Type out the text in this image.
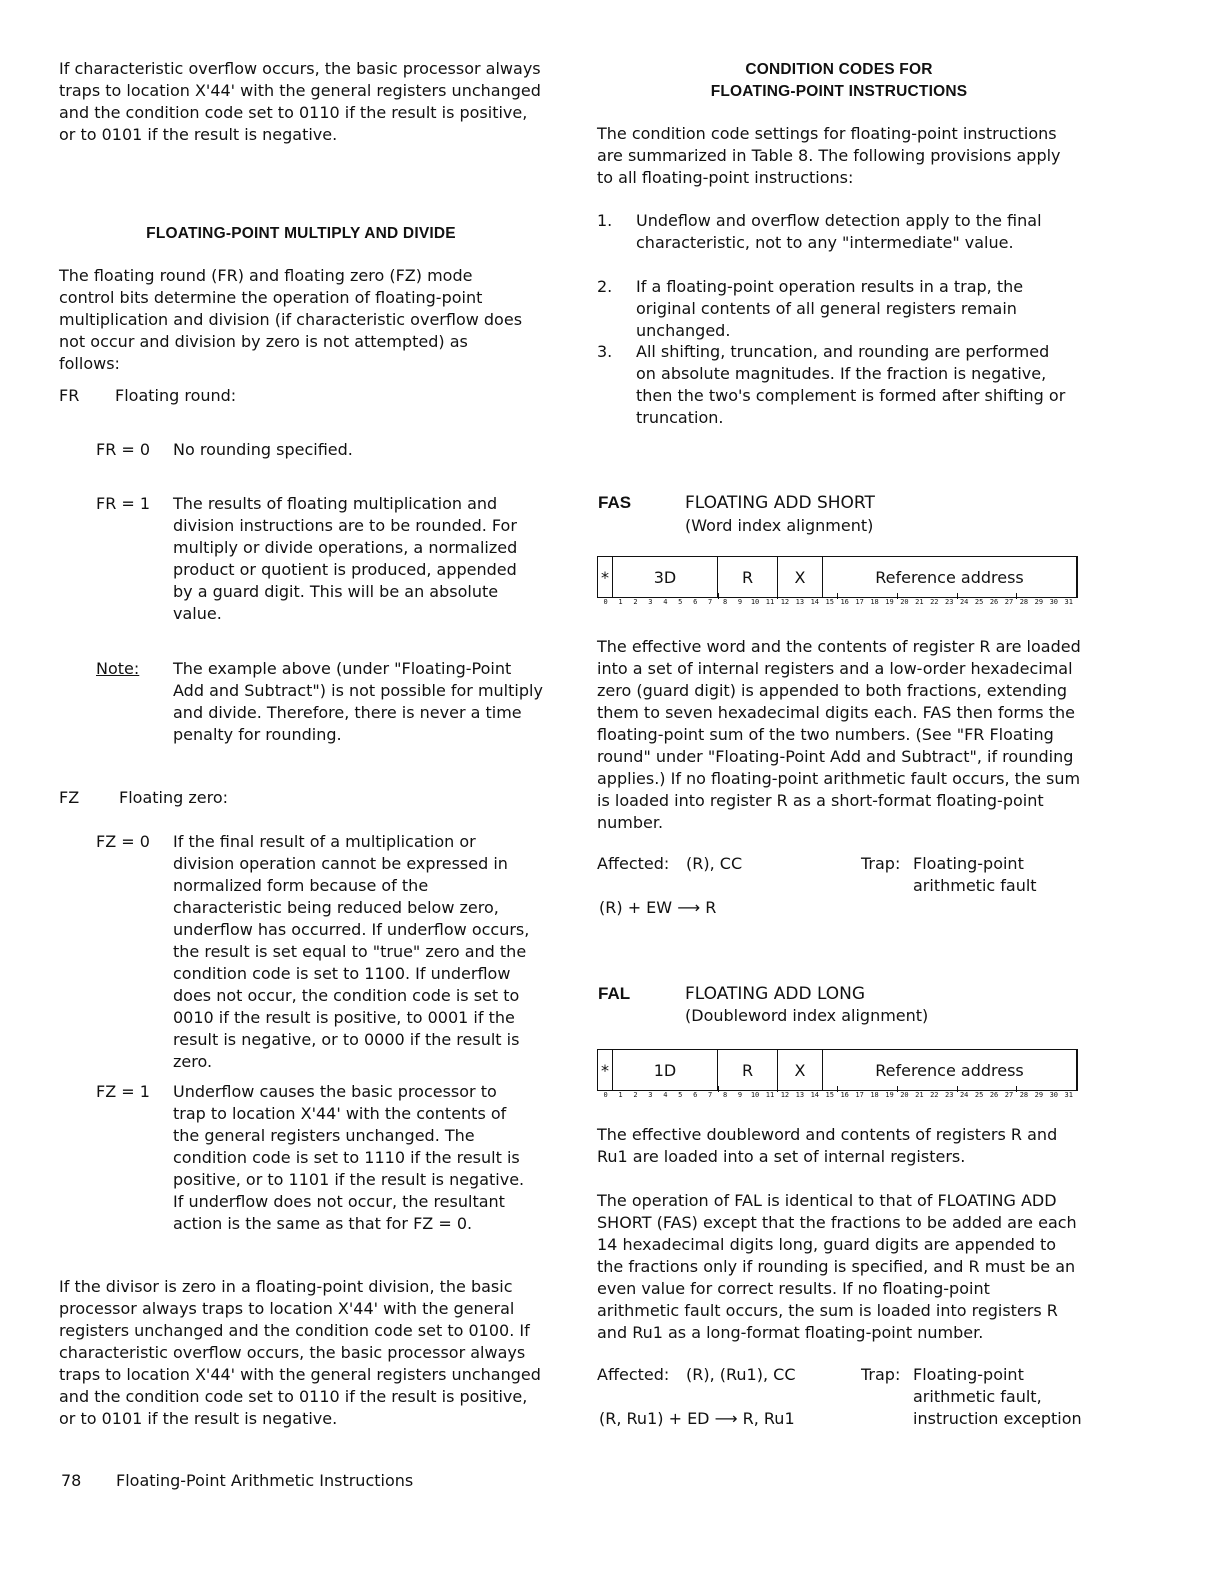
If characteristic overflow occurs, the basic processor always traps to location X'44' with the general registers unchanged and the condition code set to 0110 if the result is positive, or to 0101 if the result is negative.
FLOATING-POINT MULTIPLY AND DIVIDE
The floating round (FR) and floating zero (FZ) mode control bits determine the operation of floating-point multiplication and division (if characteristic overflow does not occur and division by zero is not attempted) as follows:
FR Floating round:
FR = 0 No rounding specified.
FR = 1 The results of floating multiplication and division instructions are to be rounded. For multiply or divide operations, a normalized product or quotient is produced, appended by a guard digit. This will be an absolute value.
Note: The example above (under "Floating-Point Add and Subtract") is not possible for multiply and divide. Therefore, there is never a time penalty for rounding.
FZ Floating zero:
FZ = 0 If the final result of a multiplication or division operation cannot be expressed in normalized form because of the characteristic being reduced below zero, underflow has occurred. If underflow occurs, the result is set equal to "true" zero and the condition code is set to 1100. If underflow does not occur, the condition code is set to 0010 if the result is positive, to 0001 if the result is negative, or to 0000 if the result is zero.
FZ = 1 Underflow causes the basic processor to trap to location X'44' with the contents of the general registers unchanged. The condition code is set to 1110 if the result is positive, or to 1101 if the result is negative. If underflow does not occur, the resultant action is the same as that for FZ = 0.
If the divisor is zero in a floating-point division, the basic processor always traps to location X'44' with the general registers unchanged and the condition code set to 0100. If characteristic overflow occurs, the basic processor always traps to location X'44' with the general registers unchanged and the condition code set to 0110 if the result is positive, or to 0101 if the result is negative.
CONDITION CODES FOR
FLOATING-POINT INSTRUCTIONS
The condition code settings for floating-point instructions are summarized in Table 8. The following provisions apply to all floating-point instructions:
1. Undeflow and overflow detection apply to the final characteristic, not to any "intermediate" value.
2. If a floating-point operation results in a trap, the original contents of all general registers remain unchanged.
3. All shifting, truncation, and rounding are performed on absolute magnitudes. If the fraction is negative, then the two's complement is formed after shifting or truncation.
FAS	FLOATING ADD SHORT
(Word index alignment)
*	3D	R	X	Reference address
0 1 2 3 4 5 6 7 8 9 10 11 12 13 14 15 16 17 18 19 20 21 22 23 24 25 26 27 28 29 30 31
The effective word and the contents of register R are loaded into a set of internal registers and a low-order hexadecimal zero (guard digit) is appended to both fractions, extending them to seven hexadecimal digits each. FAS then forms the floating-point sum of the two numbers. (See "FR Floating round" under "Floating-Point Add and Subtract", if rounding applies.) If no floating-point arithmetic fault occurs, the sum is loaded into register R as a short-format floating-point number.
Affected: (R), CC	Trap: Floating-point arithmetic fault
(R) + EW ⟶ R
FAL	FLOATING ADD LONG
(Doubleword index alignment)
*	1D	R	X	Reference address
0 1 2 3 4 5 6 7 8 9 10 11 12 13 14 15 16 17 18 19 20 21 22 23 24 25 26 27 28 29 30 31
The effective doubleword and contents of registers R and Ru1 are loaded into a set of internal registers.
The operation of FAL is identical to that of FLOATING ADD SHORT (FAS) except that the fractions to be added are each 14 hexadecimal digits long, guard digits are appended to the fractions only if rounding is specified, and R must be an even value for correct results. If no floating-point arithmetic fault occurs, the sum is loaded into registers R and Ru1 as a long-format floating-point number.
Affected: (R), (Ru1), CC	Trap: Floating-point arithmetic fault, instruction exception
(R, Ru1) + ED ⟶ R, Ru1
78 Floating-Point Arithmetic Instructions
